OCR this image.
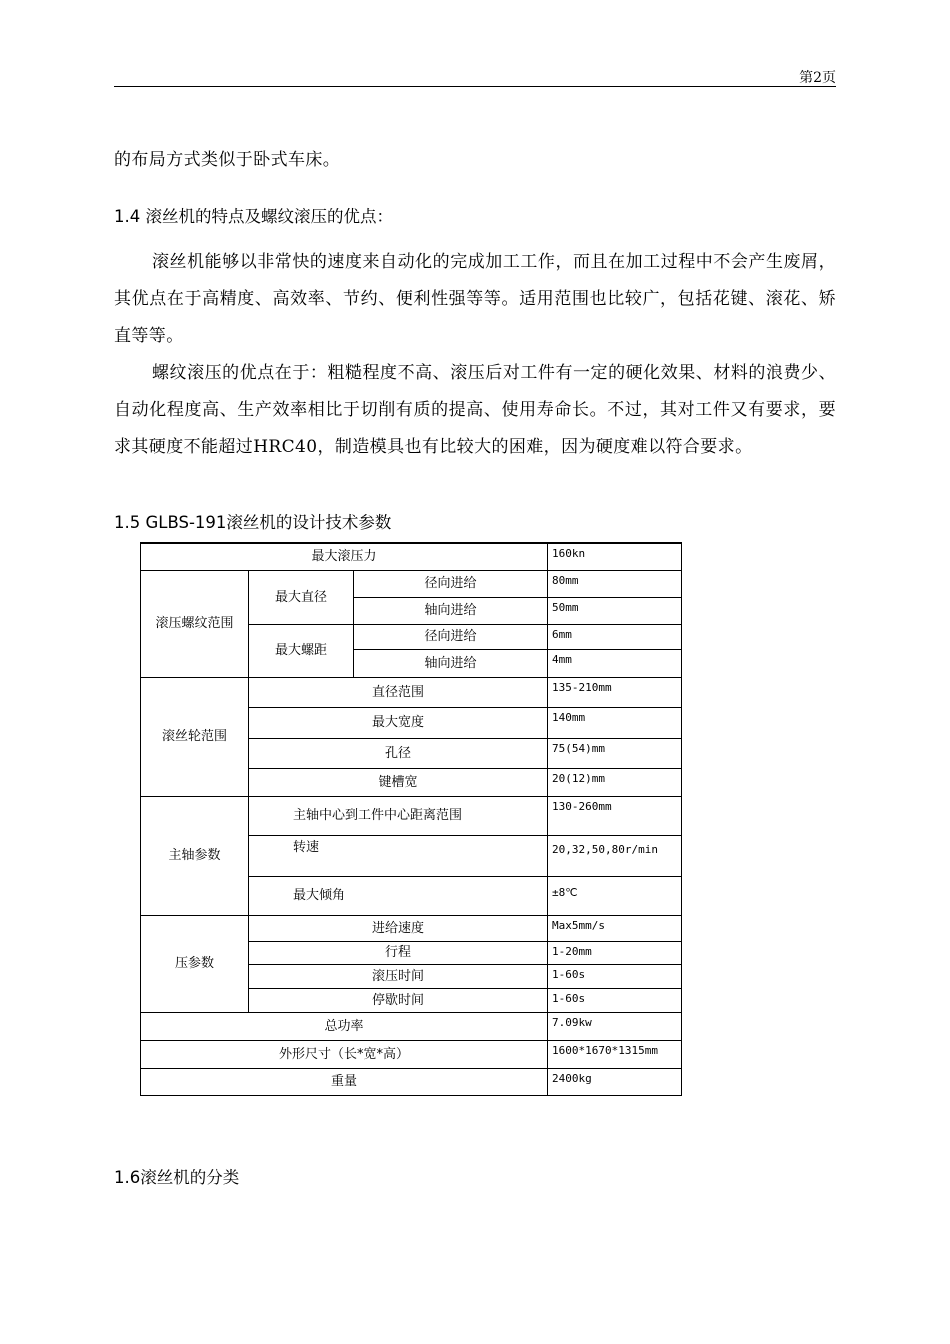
第2页
的布局方式类似于卧式车床。
1.4 滚丝机的特点及螺纹滚压的优点：
滚丝机能够以非常快的速度来自动化的完成加工工作，而且在加工过程中不会产生废屑，其优点在于高精度、高效率、节约、便利性强等等。适用范围也比较广，包括花键、滚花、矫直等等。
螺纹滚压的优点在于：粗糙程度不高、滚压后对工件有一定的硬化效果、材料的浪费少、自动化程度高、生产效率相比于切削有质的提高、使用寿命长。不过，其对工件又有要求，要求其硬度不能超过HRC40，制造模具也有比较大的困难，因为硬度难以符合要求。
1.5 GLBS-191滚丝机的设计技术参数
最大滚压力			160kn
滚压螺纹范围	最大直径	径向进给	80mm
		轴向进给	50mm
	最大螺距	径向进给	6mm
		轴向进给	4mm
滚丝轮范围	直径范围		135-210mm
	最大宽度		140mm
	孔径		75(54)mm
	键槽宽		20(12)mm
主轴参数	主轴中心到工件中心距离范围		130-260mm
	转速		20,32,50,80r/min
	最大倾角		±8℃
压参数	进给速度		Max5mm/s
	行程		1-20mm
	滚压时间		1-60s
	停歇时间		1-60s
总功率			7.09kw
外形尺寸（长*宽*高）			1600*1670*1315mm
重量			2400kg
1.6滚丝机的分类
